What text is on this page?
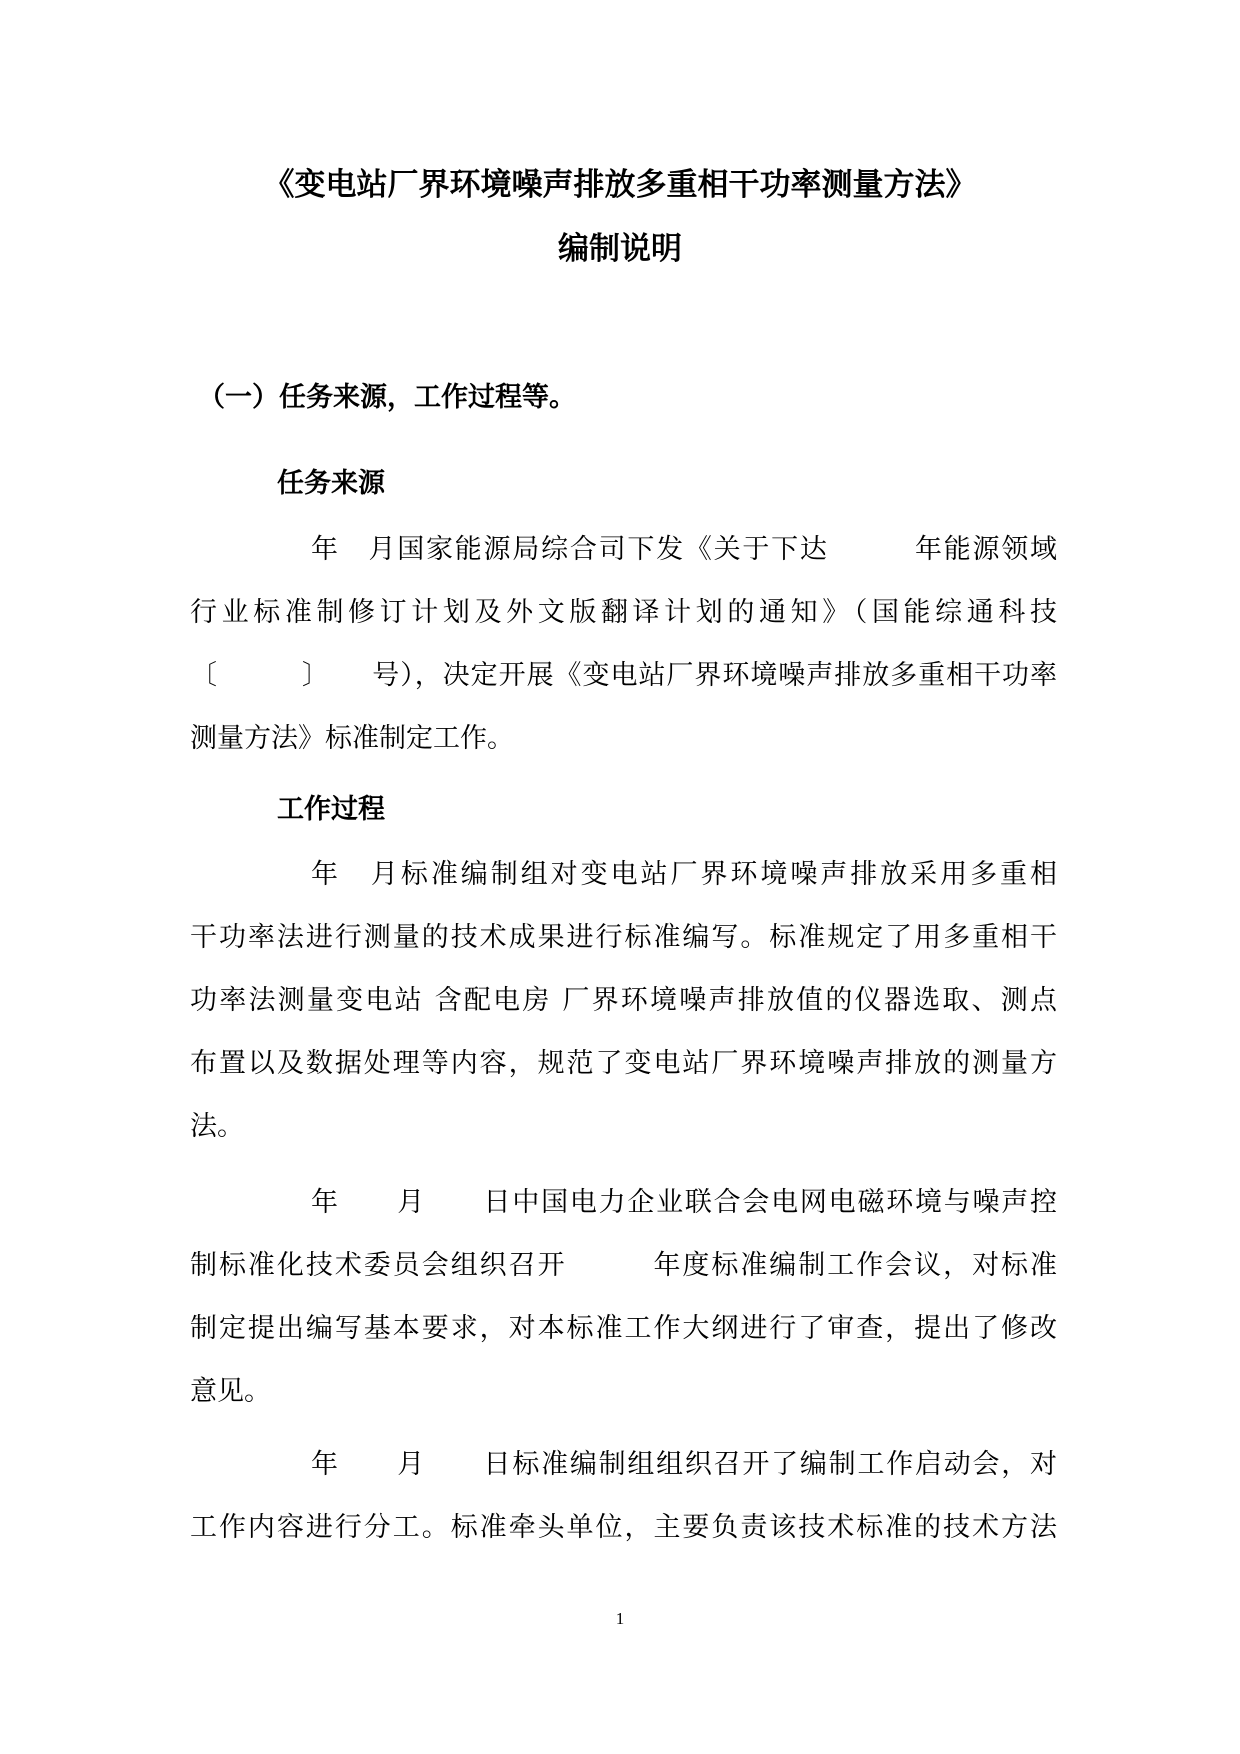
《变电站厂界环境噪声排放多重相干功率测量方法》
编制说明
（一）任务来源，工作过程等。
任务来源
年　月国家能源局综合司下发《关于下达　　　年能源领域
行业标准制修订计划及外文版翻译计划的通知》（国能综通科技
〔　　　〕　　号），决定开展《变电站厂界环境噪声排放多重相干功率
测量方法》标准制定工作。
工作过程
年　月标准编制组对变电站厂界环境噪声排放采用多重相
干功率法进行测量的技术成果进行标准编写。标准规定了用多重相干
功率法测量变电站 含配电房 厂界环境噪声排放值的仪器选取、测点
布置以及数据处理等内容，规范了变电站厂界环境噪声排放的测量方
法。
年　　月　　日中国电力企业联合会电网电磁环境与噪声控
制标准化技术委员会组织召开　　　年度标准编制工作会议，对标准
制定提出编写基本要求，对本标准工作大纲进行了审查，提出了修改
意见。
年　　月　　日标准编制组组织召开了编制工作启动会，对
工作内容进行分工。标准牵头单位，主要负责该技术标准的技术方法
1
